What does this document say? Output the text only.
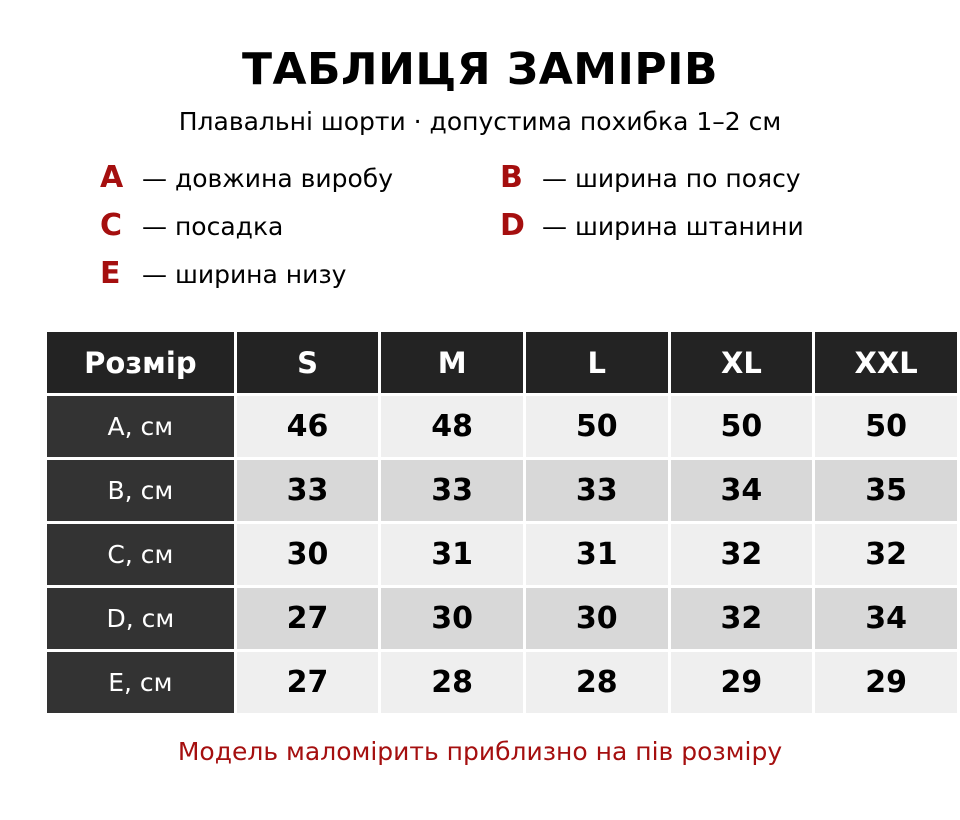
ТАБЛИЦЯ ЗАМІРІВ
Плавальні шорти · допустима похибка 1–2 см
A — довжина виробу	B — ширина по поясу
C — посадка	D — ширина штанини
E — ширина низу
Розмір	S	M	L	XL	XXL
A, см	46	48	50	50	50
B, см	33	33	33	34	35
C, см	30	31	31	32	32
D, см	27	30	30	32	34
E, см	27	28	28	29	29
Модель маломірить приблизно на пів розміру
